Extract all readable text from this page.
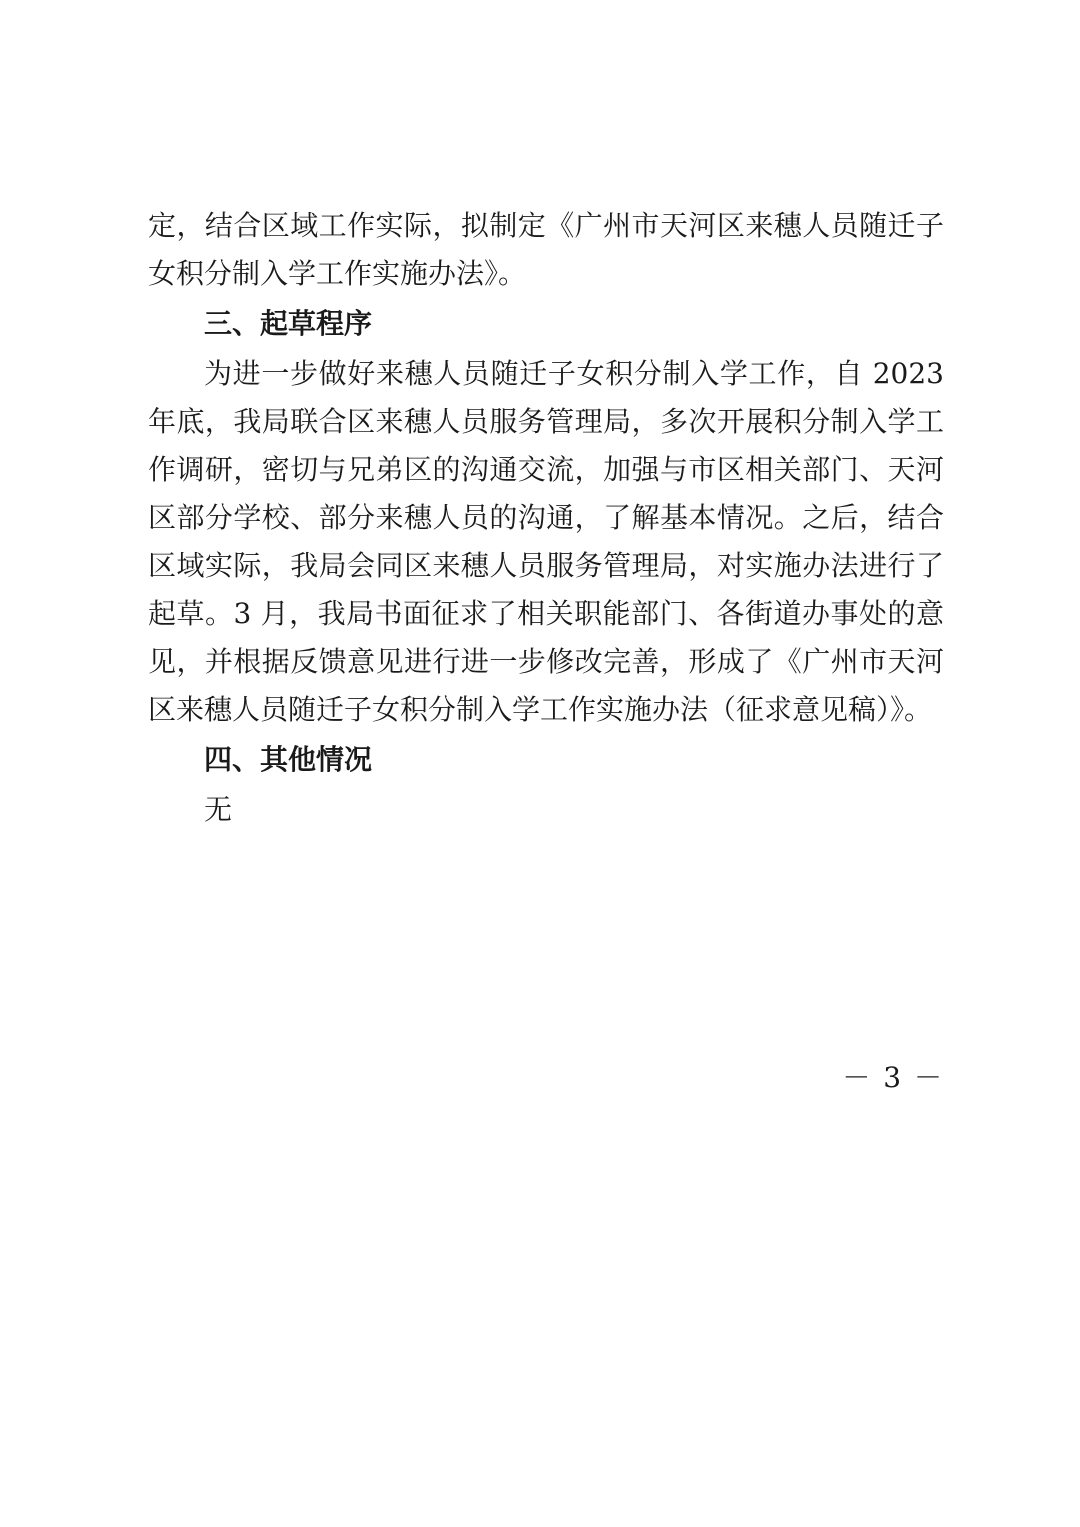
定，结合区域工作实际，拟制定《广州市天河区来穗人员随迁子女积分制入学工作实施办法》。

三、起草程序

为进一步做好来穗人员随迁子女积分制入学工作，自 2023 年底，我局联合区来穗人员服务管理局，多次开展积分制入学工作调研，密切与兄弟区的沟通交流，加强与市区相关部门、天河区部分学校、部分来穗人员的沟通，了解基本情况。之后，结合区域实际，我局会同区来穗人员服务管理局，对实施办法进行了起草。3 月，我局书面征求了相关职能部门、各街道办事处的意见，并根据反馈意见进行进一步修改完善，形成了《广州市天河区来穗人员随迁子女积分制入学工作实施办法（征求意见稿）》。

四、其他情况

无

－ 3 －
